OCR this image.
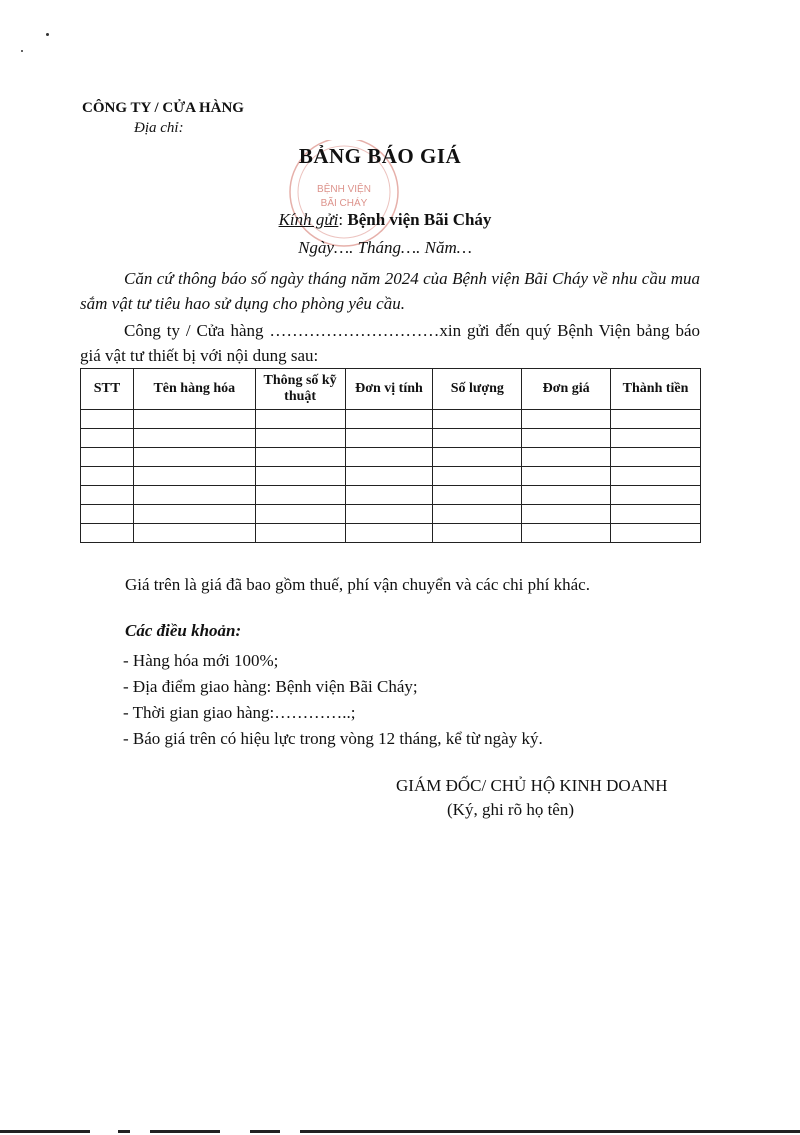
CÔNG TY / CỬA HÀNG
Địa chỉ:
BỆNH VIỆN
BÃI CHÁY
BẢNG BÁO GIÁ
Kính gửi: Bệnh viện Bãi Cháy
Ngày…. Tháng…. Năm…
Căn cứ thông báo số ngày tháng năm 2024 của Bệnh viện Bãi Cháy về nhu cầu mua sắm vật tư tiêu hao sử dụng cho phòng yêu cầu.
Công ty / Cửa hàng …………………………xin gửi đến quý Bệnh Viện bảng báo giá vật tư thiết bị với nội dung sau:
STT	Tên hàng hóa	Thông số kỹ thuật	Đơn vị tính	Số lượng	Đơn giá	Thành tiền

Giá trên là giá đã bao gồm thuế, phí vận chuyển và các chi phí khác.
Các điều khoản:
- Hàng hóa mới 100%;
- Địa điểm giao hàng: Bệnh viện Bãi Cháy;
- Thời gian giao hàng:…………..;
- Báo giá trên có hiệu lực trong vòng 12 tháng, kể từ ngày ký.
GIÁM ĐỐC/ CHỦ HỘ KINH DOANH
(Ký, ghi rõ họ tên)
